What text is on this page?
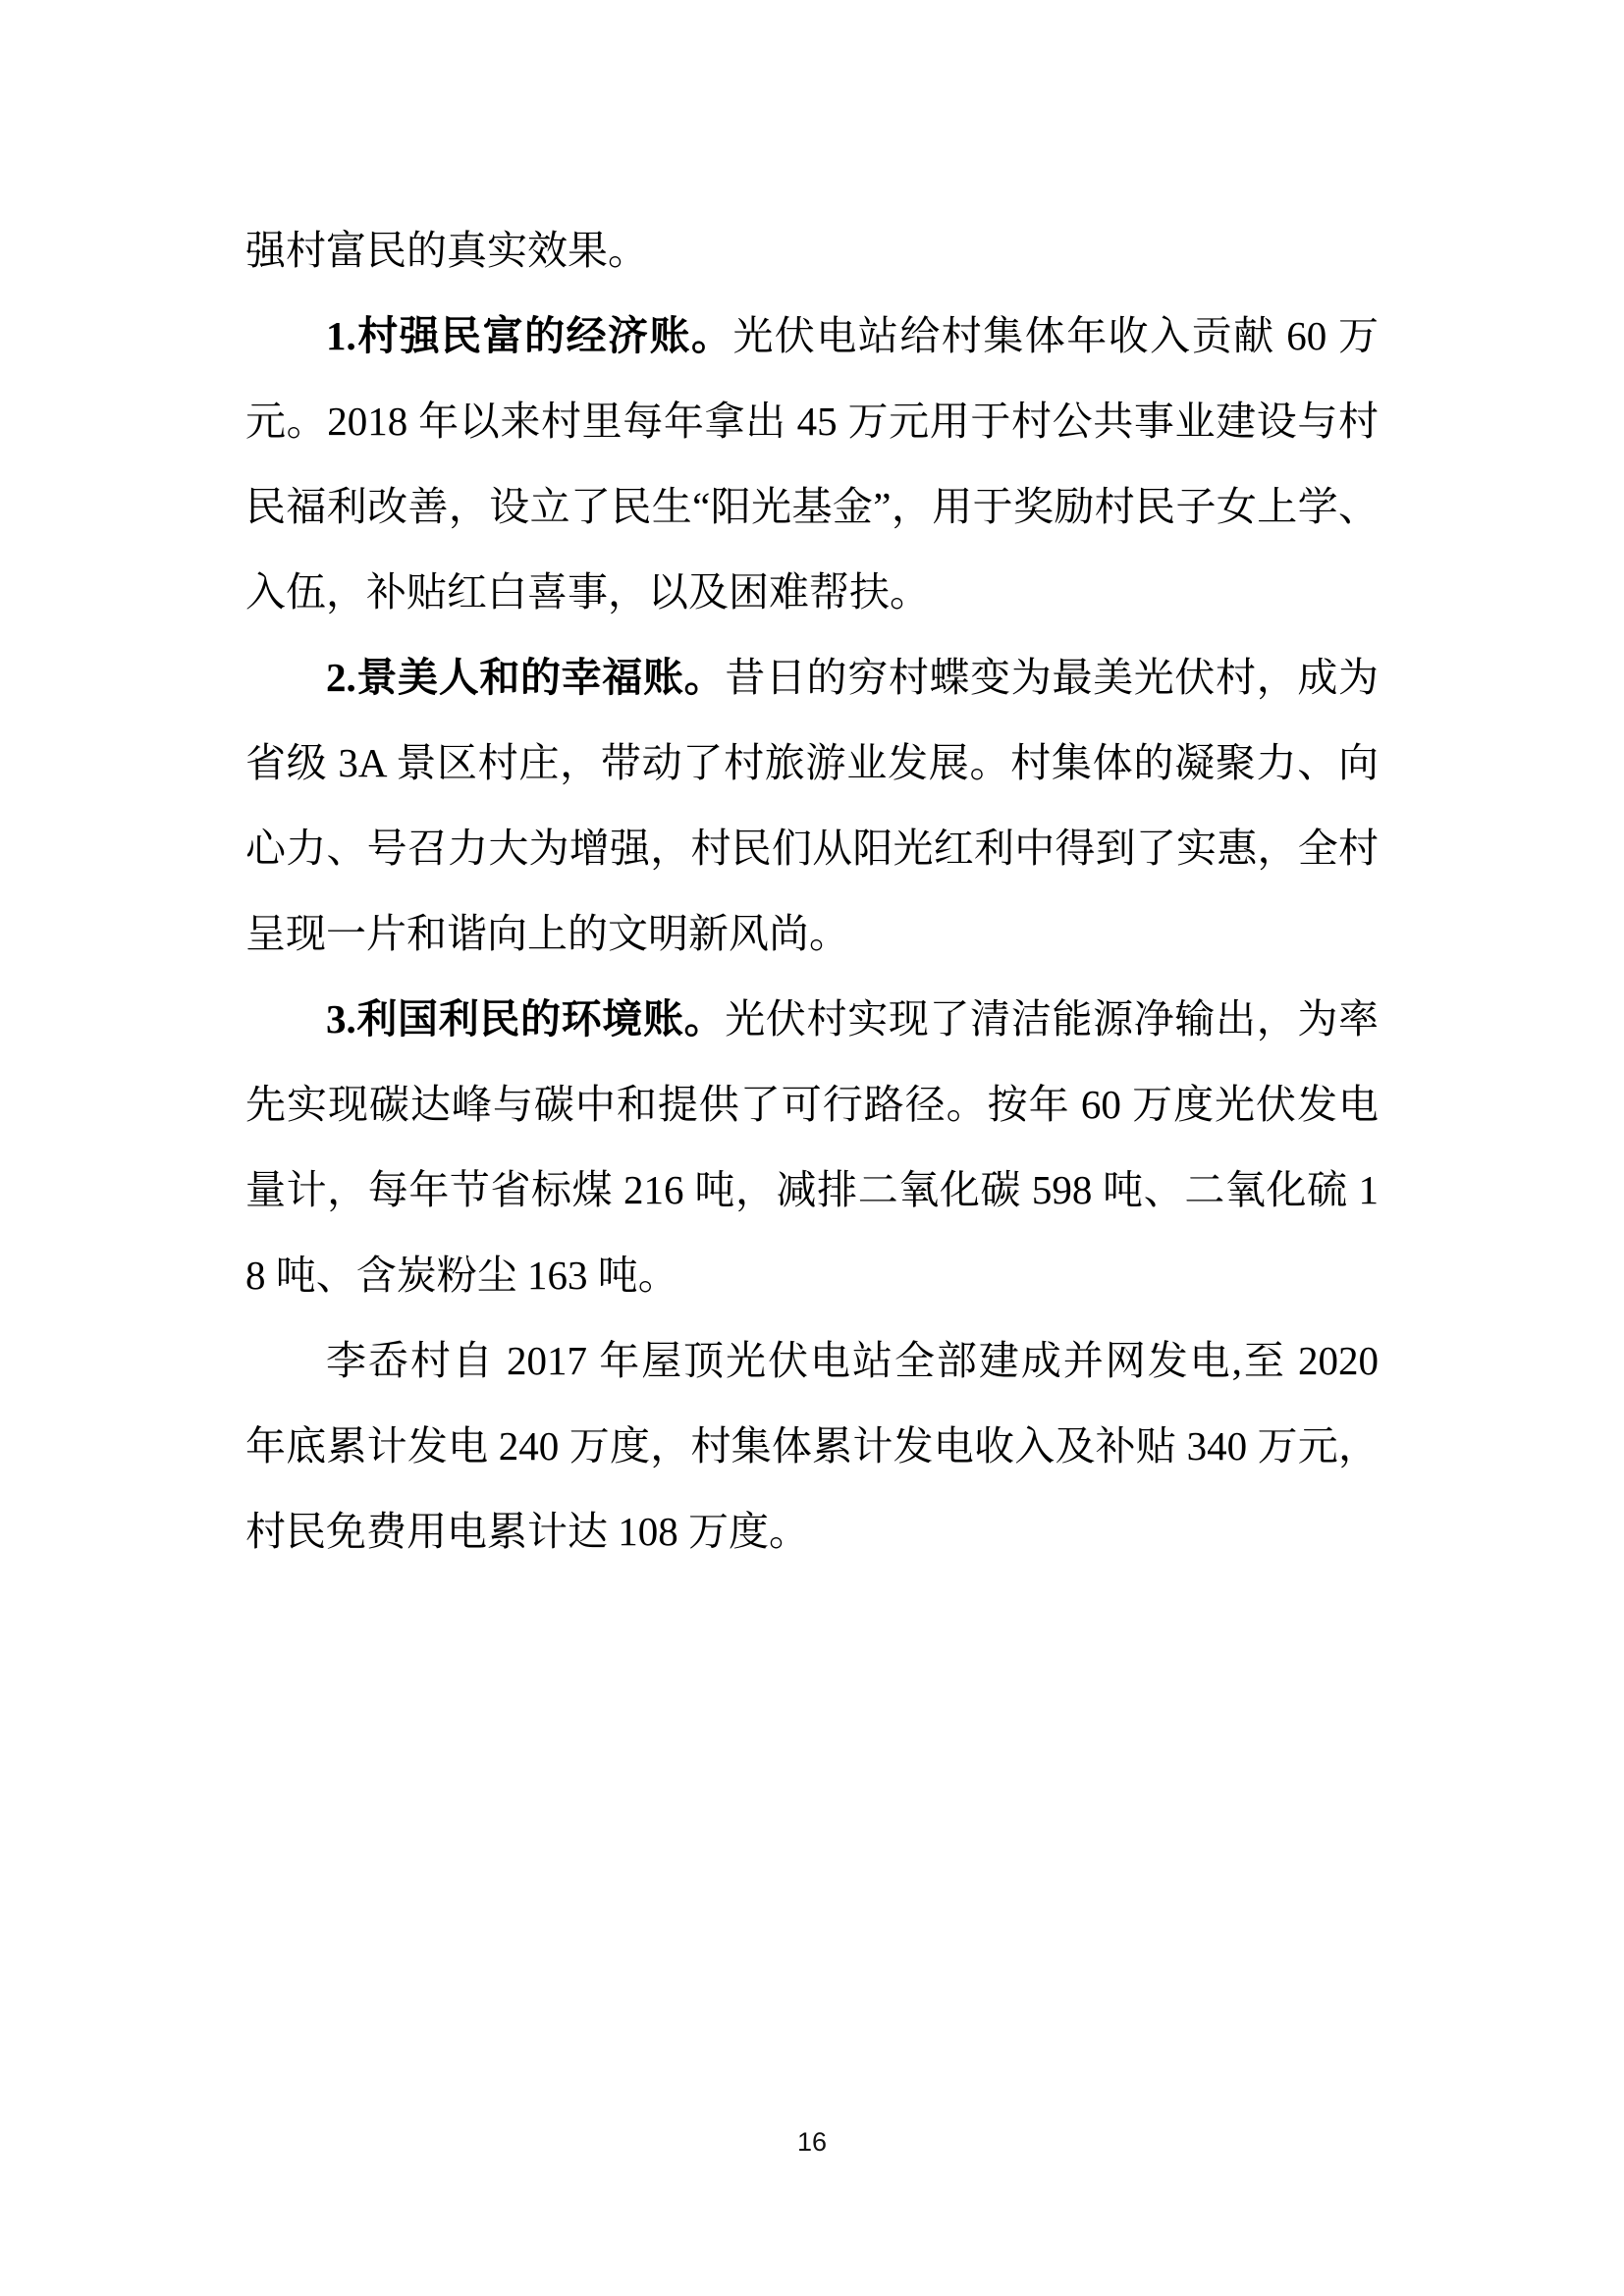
强村富民的真实效果。

1.村强民富的经济账。光伏电站给村集体年收入贡献 60 万元。2018 年以来村里每年拿出 45 万元用于村公共事业建设与村民福利改善，设立了民生“阳光基金”，用于奖励村民子女上学、入伍，补贴红白喜事，以及困难帮扶。

2.景美人和的幸福账。昔日的穷村蝶变为最美光伏村，成为省级 3A 景区村庄，带动了村旅游业发展。村集体的凝聚力、向心力、号召力大为增强，村民们从阳光红利中得到了实惠，全村呈现一片和谐向上的文明新风尚。

3.利国利民的环境账。光伏村实现了清洁能源净输出，为率先实现碳达峰与碳中和提供了可行路径。按年 60 万度光伏发电量计，每年节省标煤 216 吨，减排二氧化碳 598 吨、二氧化硫 18 吨、含炭粉尘 163 吨。

李岙村自 2017 年屋顶光伏电站全部建成并网发电,至 2020 年底累计发电 240 万度，村集体累计发电收入及补贴 340 万元，村民免费用电累计达 108 万度。

16
